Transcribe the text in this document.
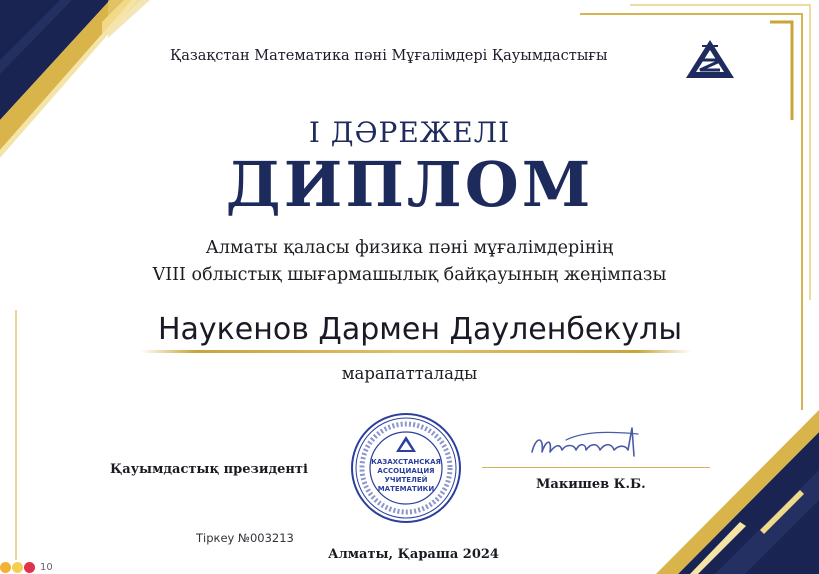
Қазақстан Математика пәні Мұғалімдері Қауымдастығы
I ДӘРЕЖЕЛІ
ДИПЛОМ
Алматы қаласы физика пәні мұғалімдерінің
VIII облыстық шығармашылық байқауының жеңімпазы
Наукенов Дармен Дауленбекулы
марапатталады
Қауымдастық президенті	КАЗАХСТАНСКАЯ
АССОЦИАЦИЯ
УЧИТЕЛЕЙ
МАТЕМАТИКИ	Макишев К.Б.
Тіркеу №003213
Алматы, Қараша 2024
10
